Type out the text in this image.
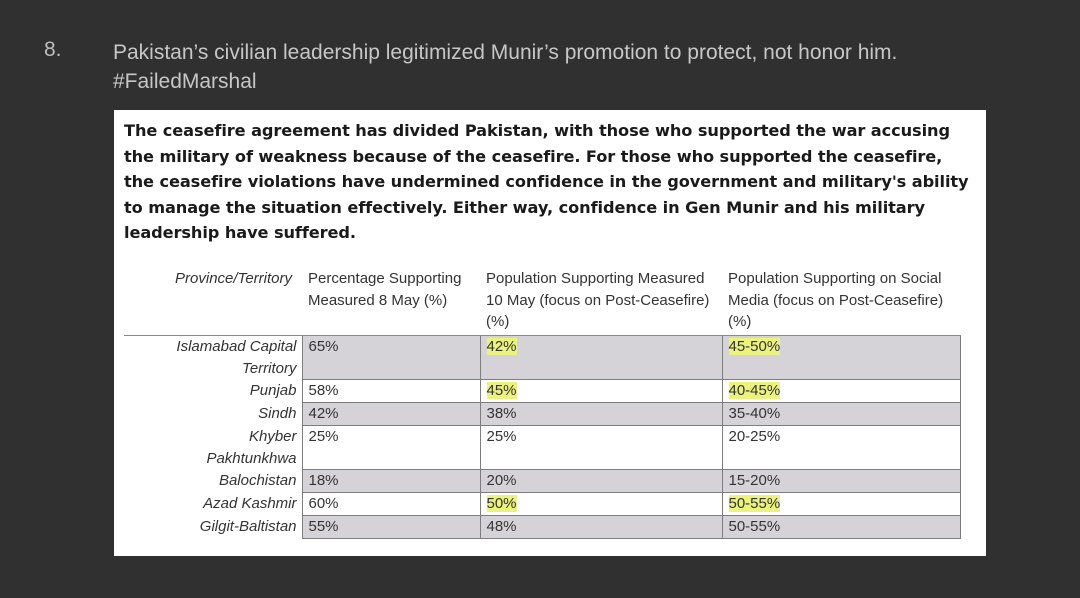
8. Pakistan’s civilian leadership legitimized Munir’s promotion to protect, not honor him. #FailedMarshal
The ceasefire agreement has divided Pakistan, with those who supported the war accusing the military of weakness because of the ceasefire. For those who supported the ceasefire, the ceasefire violations have undermined confidence in the government and military's ability to manage the situation effectively. Either way, confidence in Gen Munir and his military leadership have suffered.
Province/Territory	Percentage Supporting Measured 8 May (%)	Population Supporting Measured 10 May (focus on Post-Ceasefire) (%)	Population Supporting on Social Media (focus on Post-Ceasefire) (%)
Islamabad Capital
Territory	65%	42%	45-50%
Punjab	58%	45%	40-45%
Sindh	42%	38%	35-40%
Khyber
Pakhtunkhwa	25%	25%	20-25%
Balochistan	18%	20%	15-20%
Azad Kashmir	60%	50%	50-55%
Gilgit-Baltistan	55%	48%	50-55%
